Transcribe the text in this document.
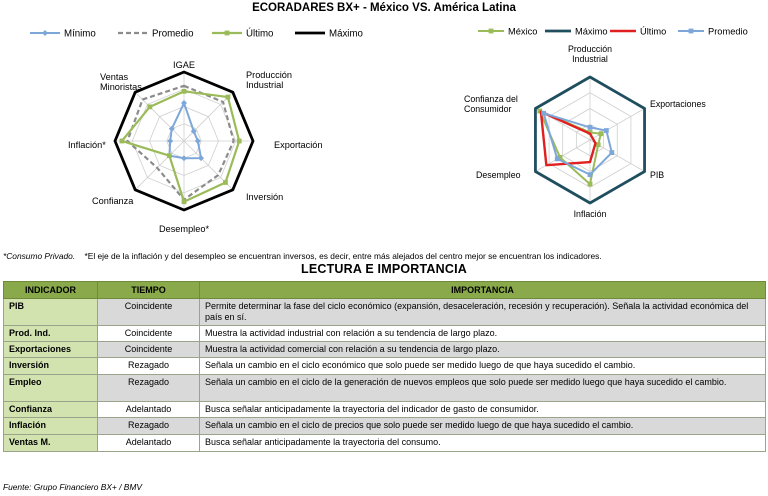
ECORADARES BX+ - México VS. América Latina
IGAE
Producción Industrial
Exportación
Inversión
Desempleo*
Confianza
Inflación*
Ventas Minoristas
Mínimo	Promedio	Último	Máximo
Producción Industrial
Exportaciones
PIB
Inflación
Desempleo
Confianza del Consumidor
México	Máximo	Último	Promedio
*Consumo Privado. *El eje de la inflación y del desempleo se encuentran inversos, es decir, entre más alejados del centro mejor se encuentran los indicadores.
LECTURA E IMPORTANCIA
INDICADOR	TIEMPO	IMPORTANCIA
PIB	Coincidente	Permite determinar la fase del ciclo económico (expansión, desaceleración, recesión y recuperación). Señala la actividad económica del país en sí.
Prod. Ind.	Coincidente	Muestra la actividad industrial con relación a su tendencia de largo plazo.
Exportaciones	Coincidente	Muestra la actividad comercial con relación a su tendencia de largo plazo.
Inversión	Rezagado	Señala un cambio en el ciclo económico que solo puede ser medido luego de que haya sucedido el cambio.
Empleo	Rezagado	Señala un cambio en el ciclo de la generación de nuevos empleos que solo puede ser medido luego que haya sucedido el cambio.
Confianza	Adelantado	Busca señalar anticipadamente la trayectoria del indicador de gasto de consumidor.
Inflación	Rezagado	Señala un cambio en el ciclo de precios que solo puede ser medido luego de que haya sucedido el cambio.
Ventas M.	Adelantado	Busca señalar anticipadamente la trayectoria del consumo.
Fuente: Grupo Financiero BX+ / BMV
